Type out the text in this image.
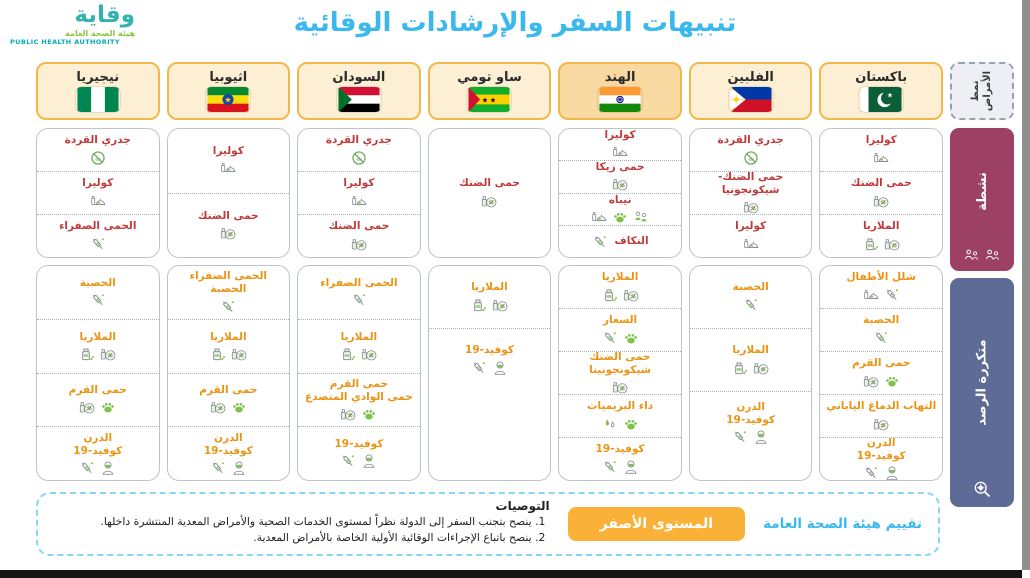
وقاية
هيئة الصحة العامة
PUBLIC HEALTH AUTHORITY
تنبيهات السفر والإرشادات الوقائية
نمط
الأمراض
نشطة
متكررة الرصد
باكستان
★
كوليرا
حمى الضنك
الملاريا
شلل الأطفال
الحصبة
حمى القرم
التهاب الدماغ الياباني
الدرن
كوفيد-19
الفلبين
جدري القردة
حمى الضنك- شيكونجونيا
كوليرا
الحصبة
الملاريا
الدرن
كوفيد-19
الهند
كوليرا
حمى زيكا
نيباه
النكاف
الملاريا
السعار
حمى الضنك
شيكونجونينا
داء البريميات
كوفيد-19
ساو تومي
★ ★
حمى الضنك
الملاريا
كوفيد-19
السودان
جدري القردة
كوليرا
حمى الضنك
الحمى الصفراء
الملاريا
حمى القرم
حمى الوادي المتصدع
كوفيد-19
اثيوبيا
★
كوليرا
حمى الضنك
الحمى الصفراء
الحصبة
الملاريا
حمى القرم
الدرن
كوفيد-19
نيجيريا
جدري القردة
كوليرا
الحمى الصفراء
الحصبة
الملاريا
حمى القرم
الدرن
كوفيد-19
تقييم هيئة الصحة العامة
المستوى الأصفر
التوصيات
1. ينصح بتجنب السفر إلى الدولة نظراً لمستوى الخدمات الصحية والأمراض المعدية المنتشرة داخلها.
2. ينصح باتباع الإجراءات الوقائية الأولية الخاصة بالأمراض المعدية.
